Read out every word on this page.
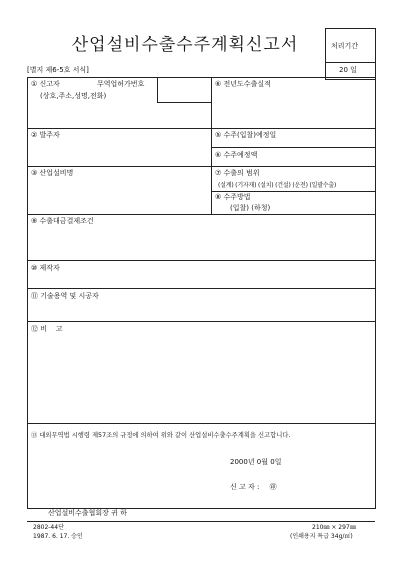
산업설비수출수주계획신고서	처리기간
20 일
[별지 제6-5호 서식]
① 신고자	무역업허가번호
(상호,주소,성명,전화)
⑥ 전년도수출실적
② 발주자	⑤ 수주(입찰)예정일
⑥ 수주예정액
③ 산업설비명	⑦ 수출의 범위
(설계) (기자재) (설치) (건설) (운전) (일괄수출)
⑧ 수주방법
(입찰) (하청)
⑨ 수출대금결제조건
⑩ 제작자
⑪ 기술용역 및 시공자
⑫ 비    고
⑬ 대외무역법 시행령 제57조의 규정에 의하여 위와 같이 산업설비수출수주계획을 신고합니다.
2000년 0월 0일
신 고 자 : ㊞
산업설비수출협회장 귀 하
2802-44단
1987. 6. 17. 승인
210㎜ × 297㎜
(인쇄용지 특급 34g/㎡)
